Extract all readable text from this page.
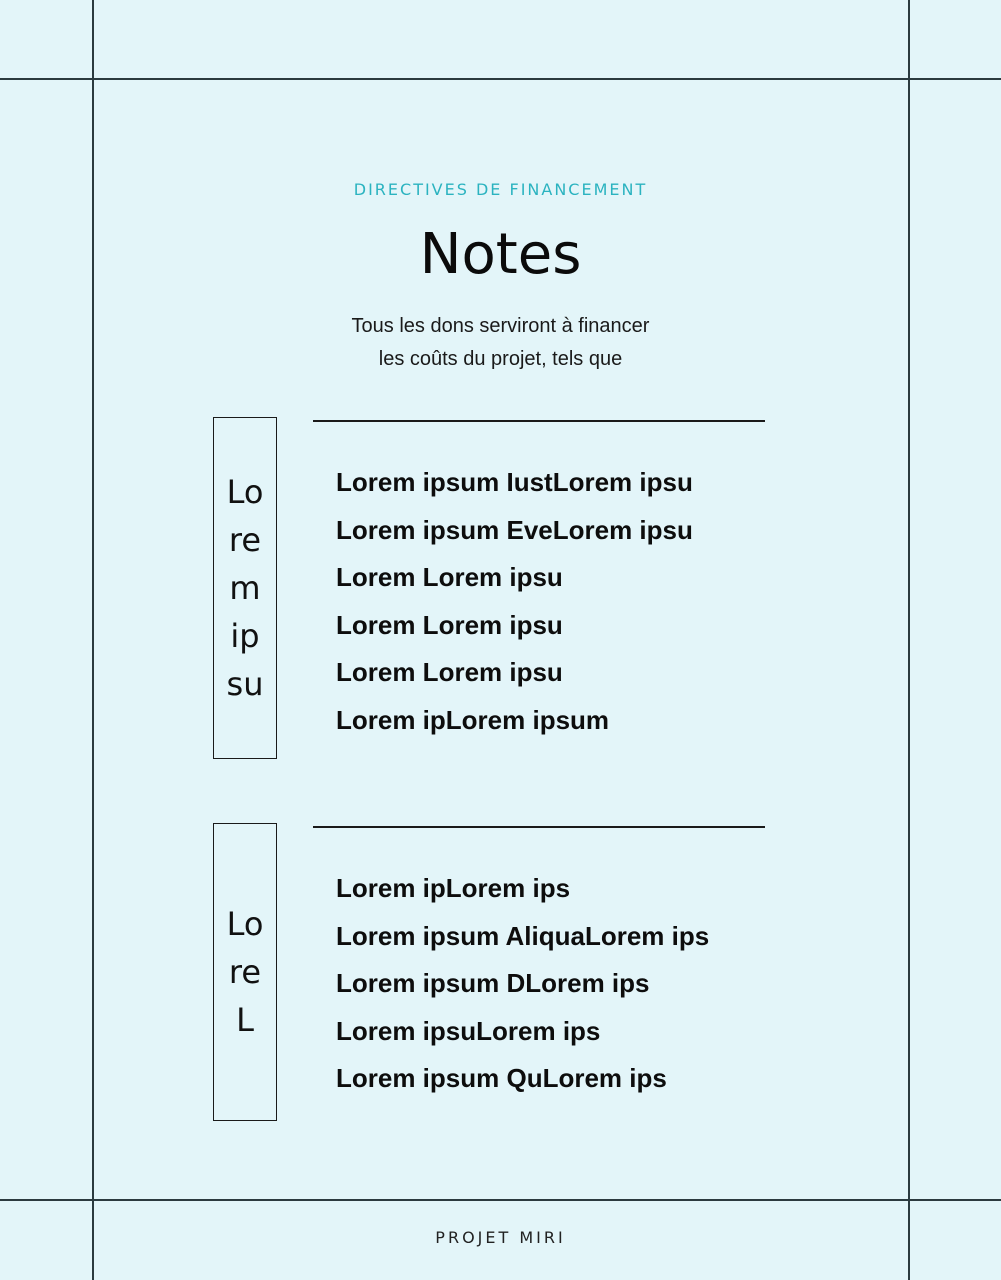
DIRECTIVES DE FINANCEMENT
Notes
Tous les dons serviront à financer
les coûts du projet, tels que
Lo
re
m
ip
su
Lorem ipsum IustLorem ipsu
Lorem ipsum EveLorem ipsu
Lorem Lorem ipsu
Lorem Lorem ipsu
Lorem Lorem ipsu
Lorem ipLorem ipsum
Lo
re
L
Lorem ipLorem ips
Lorem ipsum AliquaLorem ips
Lorem ipsum DLorem ips
Lorem ipsuLorem ips
Lorem ipsum QuLorem ips
PROJET MIRI
